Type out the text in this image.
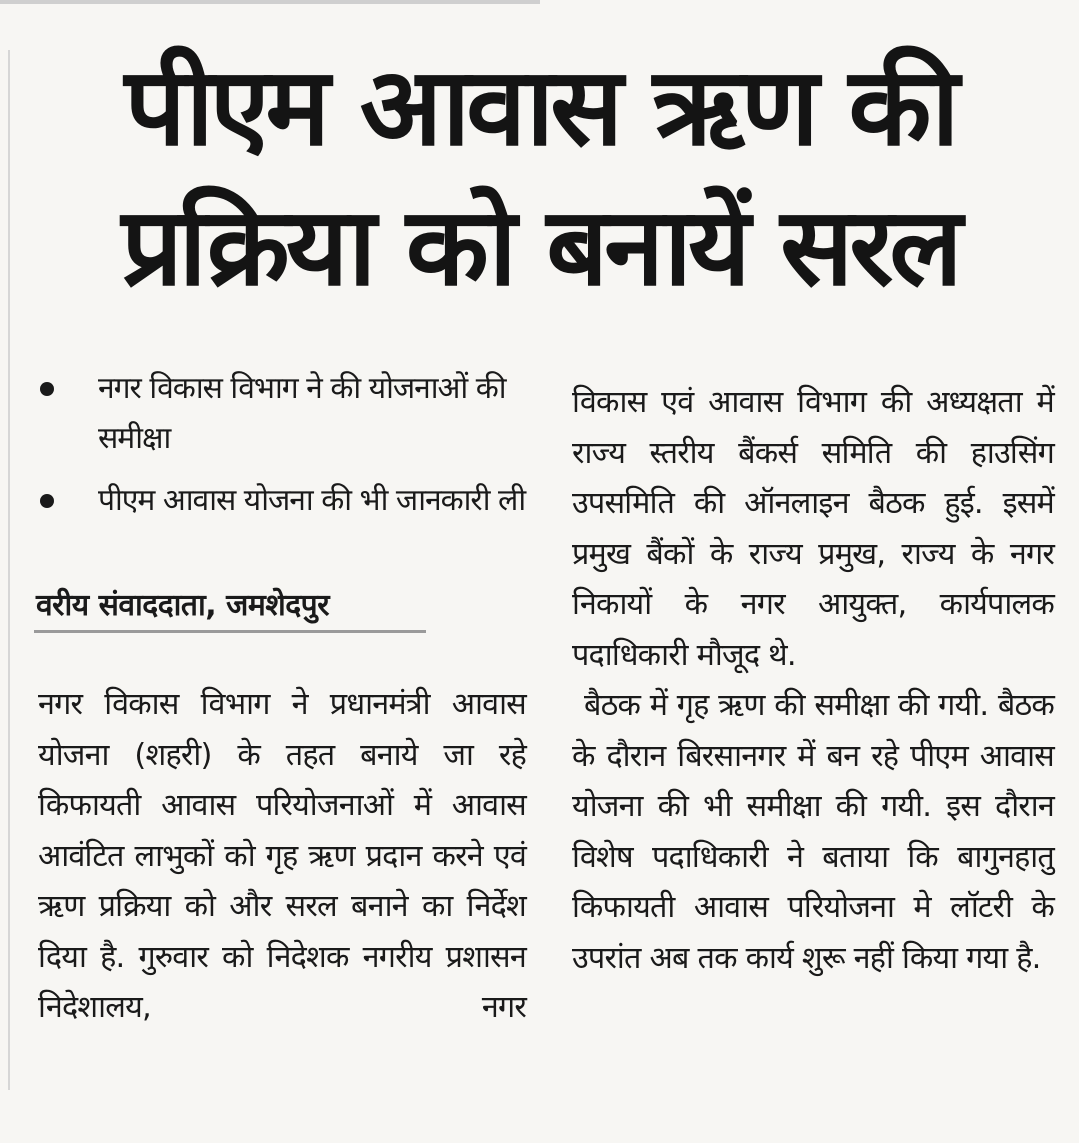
पीएम आवास ऋण की
प्रक्रिया को बनायें सरल
नगर विकास विभाग ने की योजनाओं की समीक्षा
पीएम आवास योजना की भी जानकारी ली
वरीय संवाददाता, जमशेदपुर

नगर विकास विभाग ने प्रधानमंत्री आवास योजना (शहरी) के तहत बनाये जा रहे किफायती आवास परियोजनाओं में आवास आवंटित लाभुकों को गृह ऋण प्रदान करने एवं ऋण प्रक्रिया को और सरल बनाने का निर्देश दिया है. गुरुवार को निदेशक नगरीय प्रशासन निदेशालय, नगर

विकास एवं आवास विभाग की अध्यक्षता में राज्य स्तरीय बैंकर्स समिति की हाउसिंग उपसमिति की ऑनलाइन बैठक हुई. इसमें प्रमुख बैंकों के राज्य प्रमुख, राज्य के नगर निकायों के नगर आयुक्त, कार्यपालक पदाधिकारी मौजूद थे.

बैठक में गृह ऋण की समीक्षा की गयी. बैठक के दौरान बिरसानगर में बन रहे पीएम आवास योजना की भी समीक्षा की गयी. इस दौरान विशेष पदाधिकारी ने बताया कि बागुनहातु किफायती आवास परियोजना मे लॉटरी के उपरांत अब तक कार्य शुरू नहीं किया गया है.
